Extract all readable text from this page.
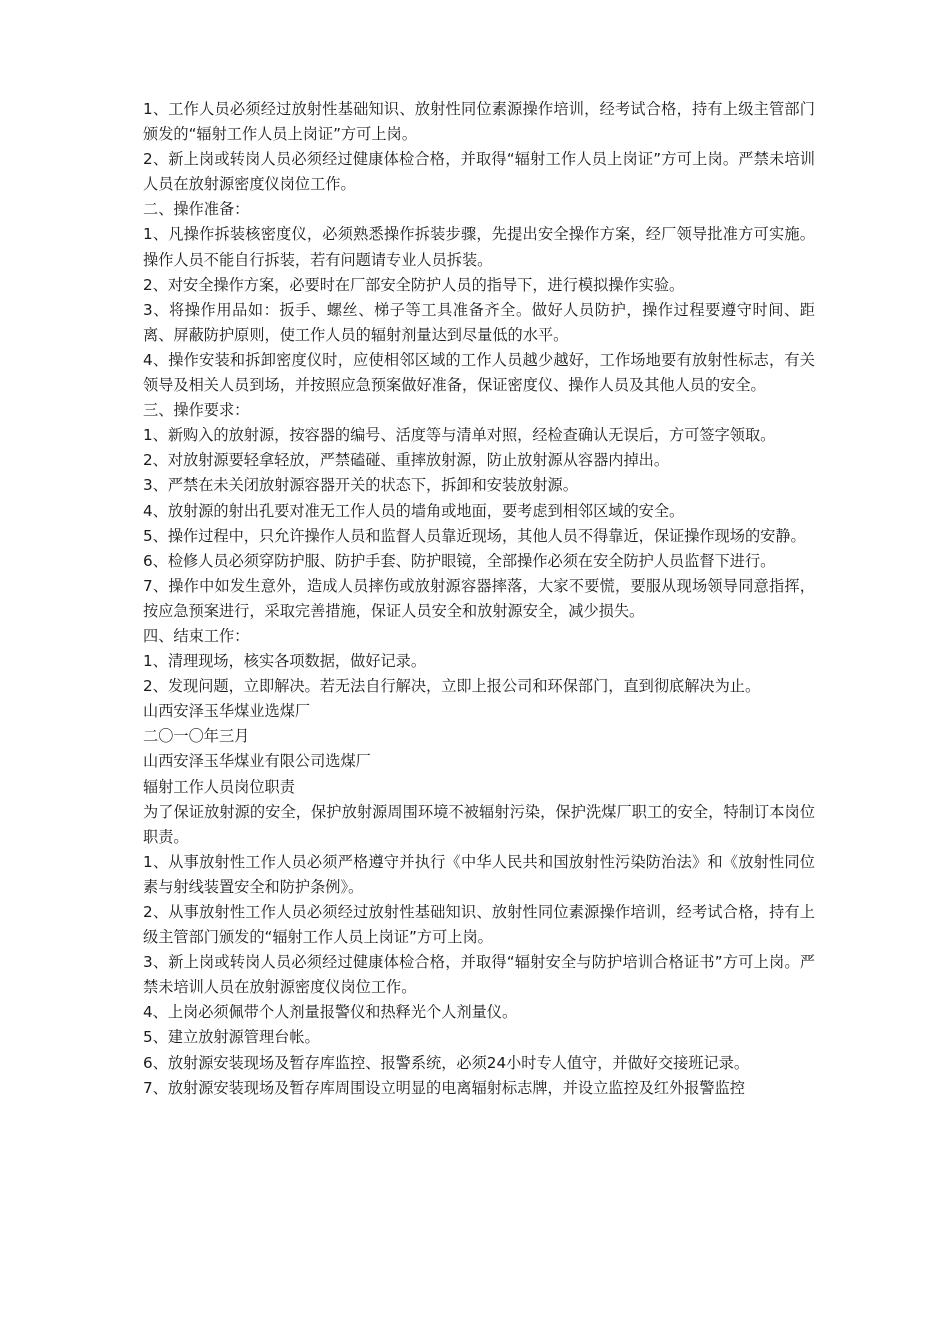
1、工作人员必须经过放射性基础知识、放射性同位素源操作培训，经考试合格，持有上级主管部门颁发的“辐射工作人员上岗证”方可上岗。

2、新上岗或转岗人员必须经过健康体检合格，并取得“辐射工作人员上岗证”方可上岗。严禁未培训人员在放射源密度仪岗位工作。

二、操作准备：

1、凡操作拆装核密度仪，必须熟悉操作拆装步骤，先提出安全操作方案，经厂领导批准方可实施。操作人员不能自行拆装，若有问题请专业人员拆装。

2、对安全操作方案，必要时在厂部安全防护人员的指导下，进行模拟操作实验。

3、将操作用品如：扳手、螺丝、梯子等工具准备齐全。做好人员防护，操作过程要遵守时间、距离、屏蔽防护原则，使工作人员的辐射剂量达到尽量低的水平。

4、操作安装和拆卸密度仪时，应使相邻区域的工作人员越少越好，工作场地要有放射性标志，有关领导及相关人员到场，并按照应急预案做好准备，保证密度仪、操作人员及其他人员的安全。

三、操作要求：

1、新购入的放射源，按容器的编号、活度等与清单对照，经检查确认无误后，方可签字领取。

2、对放射源要轻拿轻放，严禁磕碰、重摔放射源，防止放射源从容器内掉出。

3、严禁在未关闭放射源容器开关的状态下，拆卸和安装放射源。

4、放射源的射出孔要对准无工作人员的墙角或地面，要考虑到相邻区域的安全。

5、操作过程中，只允许操作人员和监督人员靠近现场，其他人员不得靠近，保证操作现场的安静。

6、检修人员必须穿防护服、防护手套、防护眼镜，全部操作必须在安全防护人员监督下进行。

7、操作中如发生意外，造成人员摔伤或放射源容器摔落，大家不要慌，要服从现场领导同意指挥，按应急预案进行，采取完善措施，保证人员安全和放射源安全，减少损失。

四、结束工作：

1、清理现场，核实各项数据，做好记录。

2、发现问题，立即解决。若无法自行解决，立即上报公司和环保部门，直到彻底解决为止。

山西安泽玉华煤业选煤厂

二〇一〇年三月

山西安泽玉华煤业有限公司选煤厂

辐射工作人员岗位职责

为了保证放射源的安全，保护放射源周围环境不被辐射污染，保护洗煤厂职工的安全，特制订本岗位职责。

1、从事放射性工作人员必须严格遵守并执行《中华人民共和国放射性污染防治法》和《放射性同位素与射线装置安全和防护条例》。

2、从事放射性工作人员必须经过放射性基础知识、放射性同位素源操作培训，经考试合格，持有上级主管部门颁发的“辐射工作人员上岗证”方可上岗。

3、新上岗或转岗人员必须经过健康体检合格，并取得“辐射安全与防护培训合格证书”方可上岗。严禁未培训人员在放射源密度仪岗位工作。

4、上岗必须佩带个人剂量报警仪和热释光个人剂量仪。

5、建立放射源管理台帐。

6、放射源安装现场及暂存库监控、报警系统，必须24小时专人值守，并做好交接班记录。

7、放射源安装现场及暂存库周围设立明显的电离辐射标志牌，并设立监控及红外报警监控
